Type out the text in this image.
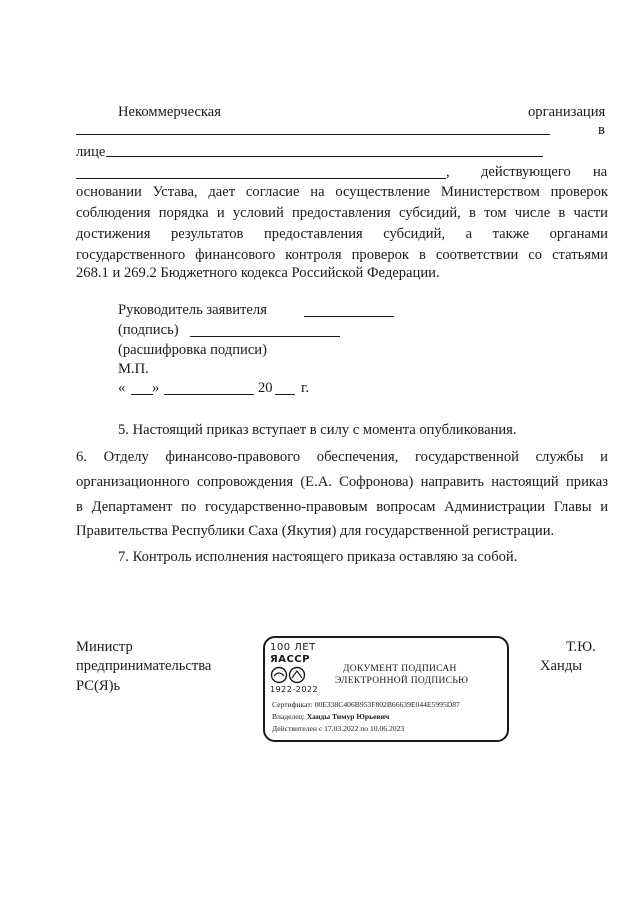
Некоммерческая	организация
в
лице
, действующего на
основании Устава, дает согласие на осуществление Министерством проверок
соблюдения порядка и условий предоставления субсидий, в том числе в части
достижения результатов предоставления субсидий, а также органами
государственного финансового контроля проверок в соответствии со статьями
268.1 и 269.2 Бюджетного кодекса Российской Федерации.
Руководитель заявителя
(подпись)
(расшифровка подписи)
М.П.
« »	20 г.
5. Настоящий приказ вступает в силу с момента опубликования.
6. Отделу финансово-правового обеспечения, государственной службы и
организационного сопровождения (Е.А. Софронова) направить настоящий приказ
в Департамент по государственно-правовым вопросам Администрации Главы и
Правительства Республики Саха (Якутия) для государственной регистрации.
7. Контроль исполнения настоящего приказа оставляю за собой.
Министр
предпринимательства
РС(Я)ь
Т.Ю.
Ханды
100 ЛЕТ
ЯАССР
1922-2022
ДОКУМЕНТ ПОДПИСАН
ЭЛЕКТРОННОЙ ПОДПИСЬЮ
Сертификат: 00E338C406B953F802B66639E044E5995D87
Владелец: Ханды Тимур Юрьевич
Действителен с 17.03.2022 по 10.06.2023
